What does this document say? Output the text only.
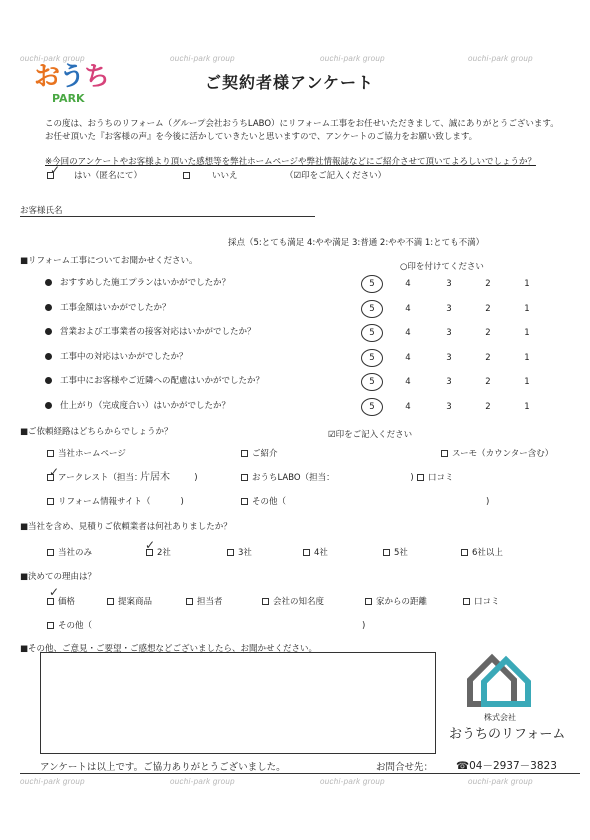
ouchi-park group	ouchi-park group	ouchi-park group	ouchi-park group
おうち
PARK
ご契約者様アンケート
この度は、おうちのリフォーム（グループ会社おうちLABO）にリフォーム工事をお任せいただきまして、誠にありがとうございます。
お任せ頂いた『お客様の声』を今後に活かしていきたいと思いますので、アンケートのご協力をお願い致します。
※今回のアンケートやお客様より頂いた感想等を弊社ホームページや弊社情報誌などにご紹介させて頂いてよろしいでしょうか？
はい（匿名にて）
✓	いいえ	（☑印をご記入ください）
お客様氏名
採点（5:とても満足 4:やや満足 3:普通 2:やや不満 1:とても不満）
■リフォーム工事についてお聞かせください。
○印を付けてください
おすすめした施工プランはいかがでしたか？	5	4	3	2	1
工事金額はいかがでしたか？	5	4	3	2	1
営業および工事業者の接客対応はいかがでしたか？	5	4	3	2	1
工事中の対応はいかがでしたか？	5	4	3	2	1
工事中にお客様やご近隣への配慮はいかがでしたか？	5	4	3	2	1
仕上がり（完成度合い）はいかがでしたか？	5	4	3	2	1
■ご依頼経路はどちらからでしょうか？	☑印をご記入ください
当社ホームページ	ご紹介	スーモ（カウンター含む）
アークレスト（担当：	)
✓	片居木	おうちLABO（担当：	)	口コミ
リフォーム情報サイト（	)	その他（	)
■当社を含め、見積りご依頼業者は何社ありましたか？
当社のみ	2社
✓
3社	4社	5社	6社以上
■決めての理由は？
価格
✓
提案商品	担当者	会社の知名度	家からの距離	口コミ
その他（	)
■その他、ご意見・ご要望・ご感想などございましたら、お聞かせください。
株式会社
おうちのリフォーム
アンケートは以上です。ご協力ありがとうございました。	お問合せ先： ☎04－2937－3823
ouchi-park group	ouchi-park group	ouchi-park group	ouchi-park group
